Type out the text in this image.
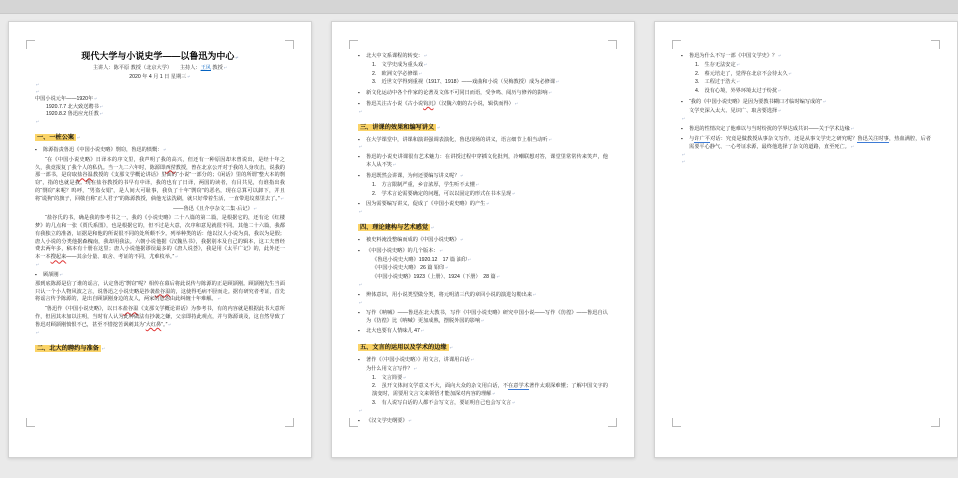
现代大学与小说史学——以鲁迅为中心 ↵
主讲人：陈平原 教授（北京大学）　　主持人：王风 教授 ↵
2020 年 4 月 1 日 星期三 ↵
↵
↵
中国小说元年——1920年 ↵
1920.7.7 北大致送聘书 ↵
1920.8.2 鲁迅应允任教 ↵
↵
一、一桩公案 ↵
▪ 陈源指责鲁迅《中国小说史略》剽窃，鲁迅的愤慨： ↵
“在《中国小说史略》日译本的序文里，我声明了我的高兴，但还有一种原因却未曾说出，是经十年之久，我竟报复了我个人的私仇。当一九二六年时，陈源即西滢教授，曾在北京公开对于我的人身攻击，说我的那一部书，是窃取盐谷温教授的《支那文学概论讲话》里面的“小说”一部分的；《闲话》里的所谓“整大本的剽窃”，指的也就是我。现在盐谷教授的书早有中译，我的也有了日译，两国的读者，有目共见，有谁指出我的“剽窃”来呢？呜呼，“男盗女娼”，是人间大可耻事，我负了十年“剽窃”的恶名，现在总算可以卸下，并且将“谎狗”的旗子，回敬自称“正人君子”的陈源教授，倘他无法洗刷，就只好带着生活，一直带进坟墓里去了。” ↵
——鲁迅《且介亭杂文二集·后记》 ↵
“盐谷氏的书，确是我的参考书之一，我的《小说史略》二十八篇的第二篇，是根据它的，还有论《红楼梦》的几点和一张《贾氏系图》，也是根据它的，但不过是大意，次序和意见就很不同。其他二十六篇，我都有我独立的准备，证据是和他的所说很不同的处所颇不少。列举种类的话：他以汉人小说为真，我以为是假；唐人小说的分类他据森槐南，我却用我法。六朝小说他据《汉魏丛书》，我据别本及自己的辑本，这工夫曾经费去两年多，稿本有十册在这里；唐人小说他据谬误最多的《唐人说荟》，我是用《太平广记》的，此外还一本一本搜起来——其余分量、取舍、考证的不同，尤难枚举。” ↵
↵
▪ 顾颉刚 ↵
那到底陈源是信了谁的谣言，认定鲁迅“剽窃”呢？相传在幕后将此说传与陈源的正是顾颉刚。顾颉刚先生当面只认一个小人物风波之言，说鲁迅之小说史略是抄袭盐谷温的，这使得毛病不胫而走。据有研究者考证，首先将谣言传予陈源的，是出自顾颉刚身边的友人，两家的恩怨由此纠缠十年难解。 ↵
“鲁迅作《中国小说史略》，以日本盐谷温《支那文学概论讲话》为参考书，有的内容就是根据此书大意所作，但因其未加以注明，当时有人认为此种做法有抄袭之嫌，父亲即持此观点，并与陈源谈及，这自然导致了鲁迅对顾颉刚愤恨不已，甚至不惜挖苦讽刺其为“大红鼻”。” ↵
↵
二、北大的聘约与准备 ↵
▪ 北大中文系课程的转变： ↵
1.　文学史成为重头戏 ↵
2.　欧洲文学必修课 ↵
3.　近世文学得到重视（1917、1918）——戏曲和小说（吴梅教授）成为必修课 ↵
▪ 新文化运动中各个作家的论著及文体不可同日而语，受争鸣、阅历与修养的影响 ↵
▪ 鲁迅关注古小说《古小说钩沉》（汉魏六朝的古小说，辑佚而得） ↵
↵
三、讲课的效果和编写讲义 ↵
▪ 在大学课堂中，讲课和演讲强调表演化，鲁迅现场的讲义，语言细节上相当动听 ↵
↵
▪ 鲁迅的小说史讲课很有艺术魅力：在讲授过程中穿插文化批判，冷嘲联想对答，课堂里常常传来笑声，他本人从不笑 ↵
▪ 鲁迅既然会讲课，为何还要编写讲义呢？ ↵
1.　方言限制严重，乡音浓厚，学生听不太懂 ↵
2.　学术言论需要确定的问题，可以以固定的形式在书本呈现 ↵
▪ 因为需要编写讲义，促成了《中国小说史略》的产生 ↵
↵
四、理论建构与艺术感觉 ↵
▪ 被史料淹没整编而成的《中国小说史略》 ↵
▪ 《中国小说史略》的几个版本： ↵
《鲁迅小说史大略》1920.12　17 篇 油印 ↵
《中国小说史大略》 26 篇 铅印 ↵
《中国小说史略》1923（上册）、1924（下册）　28 篇 ↵
↵
▪ 辨体意识，用小说类型做分类，将元明清三代的章回小说的演进勾勒出来 ↵
↵
▪ 写作《呐喊》——鲁迅在北大教书，写作《中国小说史略》研究中国小说——写作《彷徨》——鲁迅自认为《彷徨》比《呐喊》更加成熟，摆脱外国的影响 ↵
▪ 北大也要有人情味儿 47 ↵
五、文言的运用以及学术的边缘 ↵
▪ 著作《〈中国小说史略〉》用文言，讲课用白话 ↵
为什么用文言写作？ ↵
1.　文言简要 ↵
2.　虽开文体间文学意义不大，面向大众的杂文用白话，不在意学术著作太艰深难懂；了解中国文字的演变时，需要用文言文来领悟才能加深对内容的理解 ↵
3.　有人说写白话的人都不会写文言，要证明自己也会写文言 ↵
↵
▪ 《汉文学史纲要》 ↵
▪ 鲁迅为什么不写一部《中国文学史》？ ↵
1.　生存无法安定 ↵
2.　蔡元培走了，觉得在北京不会待太久 ↵
3.　工程过于浩大 ↵
4.　没有心境，外界环境太过于纷扰 ↵
▪ “我的《中国小说史略》是因为要教书糊口才临时编写成的” ↵
文学史深入太大、见识广、取舍要选择 ↵
↵
▪ 鲁迅的性情决定了他难以与当时纷扰的学界达成共识——关于学术边缘 ↵
▪ 与许广平对话：究竟是做教授从事杂文写作，还是从事文学史之研究呢？鲁迅关注时事，热血满腔，后者需要平心静气、一心考证求源，最终他选择了杂文的道路，直至死亡。 ↵
↵
↵
